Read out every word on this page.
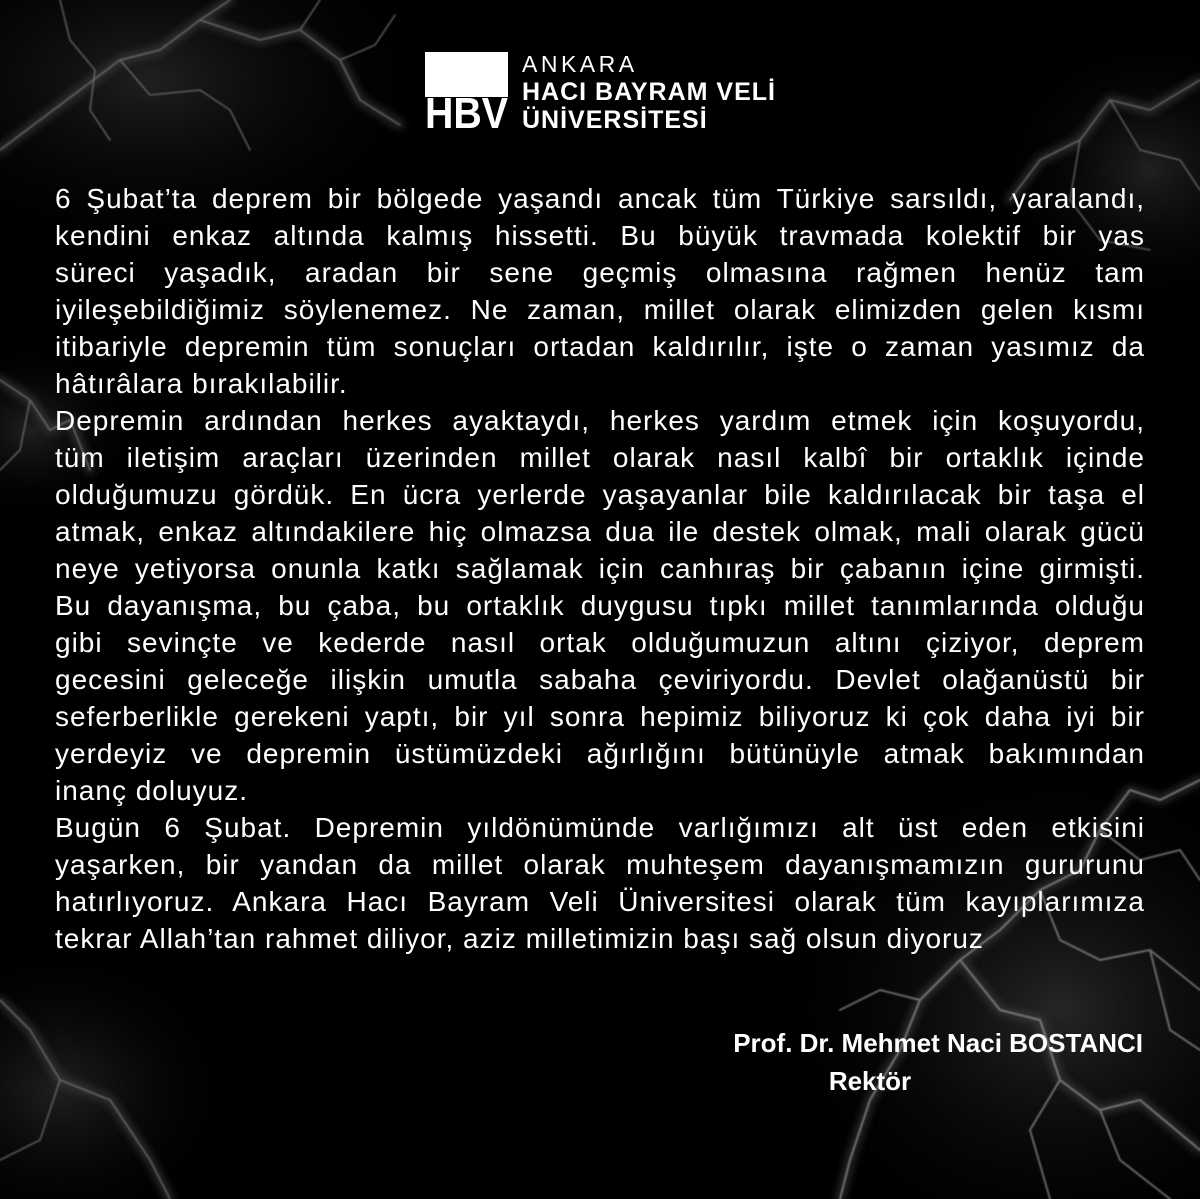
HBV
ANKARA
HACI BAYRAM VELİ
ÜNİVERSİTESİ
6 Şubat’ta deprem bir bölgede yaşandı ancak tüm Türkiye sarsıldı, yaralandı,
kendini enkaz altında kalmış hissetti. Bu büyük travmada kolektif bir yas
süreci yaşadık, aradan bir sene geçmiş olmasına rağmen henüz tam
iyileşebildiğimiz söylenemez. Ne zaman, millet olarak elimizden gelen kısmı
itibariyle depremin tüm sonuçları ortadan kaldırılır, işte o zaman yasımız da
hâtırâlara bırakılabilir.
Depremin ardından herkes ayaktaydı, herkes yardım etmek için koşuyordu,
tüm iletişim araçları üzerinden millet olarak nasıl kalbî bir ortaklık içinde
olduğumuzu gördük. En ücra yerlerde yaşayanlar bile kaldırılacak bir taşa el
atmak, enkaz altındakilere hiç olmazsa dua ile destek olmak, mali olarak gücü
neye yetiyorsa onunla katkı sağlamak için canhıraş bir çabanın içine girmişti.
Bu dayanışma, bu çaba, bu ortaklık duygusu tıpkı millet tanımlarında olduğu
gibi sevinçte ve kederde nasıl ortak olduğumuzun altını çiziyor, deprem
gecesini geleceğe ilişkin umutla sabaha çeviriyordu. Devlet olağanüstü bir
seferberlikle gerekeni yaptı, bir yıl sonra hepimiz biliyoruz ki çok daha iyi bir
yerdeyiz ve depremin üstümüzdeki ağırlığını bütünüyle atmak bakımından
inanç doluyuz.
Bugün 6 Şubat. Depremin yıldönümünde varlığımızı alt üst eden etkisini
yaşarken, bir yandan da millet olarak muhteşem dayanışmamızın gururunu
hatırlıyoruz. Ankara Hacı Bayram Veli Üniversitesi olarak tüm kayıplarımıza
tekrar Allah’tan rahmet diliyor, aziz milletimizin başı sağ olsun diyoruz
Prof. Dr. Mehmet Naci BOSTANCI
Rektör
